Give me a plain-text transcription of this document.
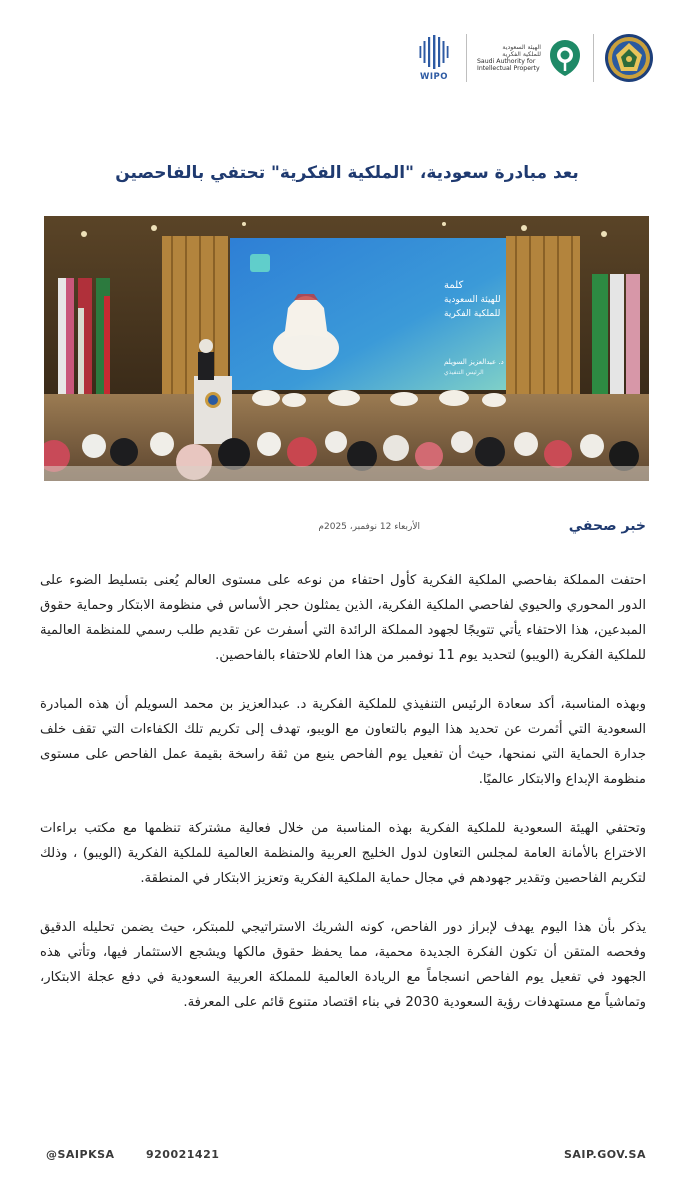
الهيئة السعودية
للملكية الفكرية
Saudi Authority for
Intellectual Property
WIPO
بعد مبادرة سعودية، "الملكية الفكرية" تحتفي بالفاحصين
كلمة
للهيئة السعودية
للملكية الفكرية
د. عبدالعزيز السويلم
الرئيس التنفيذي
خبر صحفي
الأربعاء 12 نوفمبر، 2025م

احتفت المملكة بفاحصي الملكية الفكرية كأول احتفاء من نوعه على مستوى العالم يُعنى بتسليط الضوء على الدور المحوري والحيوي لفاحصي الملكية الفكرية، الذين يمثلون حجر الأساس في منظومة الابتكار وحماية حقوق المبدعين، هذا الاحتفاء يأتي تتويجًا لجهود المملكة الرائدة التي أسفرت عن تقديم طلب رسمي للمنظمة العالمية للملكية الفكرية (الويبو) لتحديد يوم 11 نوفمبر من هذا العام للاحتفاء بالفاحصين.

وبهذه المناسبة، أكد سعادة الرئيس التنفيذي للملكية الفكرية د. عبدالعزيز بن محمد السويلم أن هذه المبادرة السعودية التي أثمرت عن تحديد هذا اليوم بالتعاون مع الويبو، تهدف إلى تكريم تلك الكفاءات التي تقف خلف جدارة الحماية التي نمنحها، حيث أن تفعيل يوم الفاحص ينبع من ثقة راسخة بقيمة عمل الفاحص على مستوى منظومة الإبداع والابتكار عالميًا.

وتحتفي الهيئة السعودية للملكية الفكرية بهذه المناسبة من خلال فعالية مشتركة تنظمها مع مكتب براءات الاختراع بالأمانة العامة لمجلس التعاون لدول الخليج العربية والمنظمة العالمية للملكية الفكرية (الويبو) ، وذلك لتكريم الفاحصين وتقدير جهودهم في مجال حماية الملكية الفكرية وتعزيز الابتكار في المنطقة.

يذكر بأن هذا اليوم يهدف لإبراز دور الفاحص، كونه الشريك الاستراتيجي للمبتكر، حيث يضمن تحليله الدقيق وفحصه المتقن أن تكون الفكرة الجديدة محمية، مما يحفظ حقوق مالكها ويشجع الاستثمار فيها، وتأتي هذه الجهود في تفعيل يوم الفاحص انسجاماً مع الريادة العالمية للمملكة العربية السعودية في دفع عجلة الابتكار، وتماشياً مع مستهدفات رؤية السعودية 2030 في بناء اقتصاد متنوع قائم على المعرفة.

@SAIPKSA	920021421	SAIP.GOV.SA
